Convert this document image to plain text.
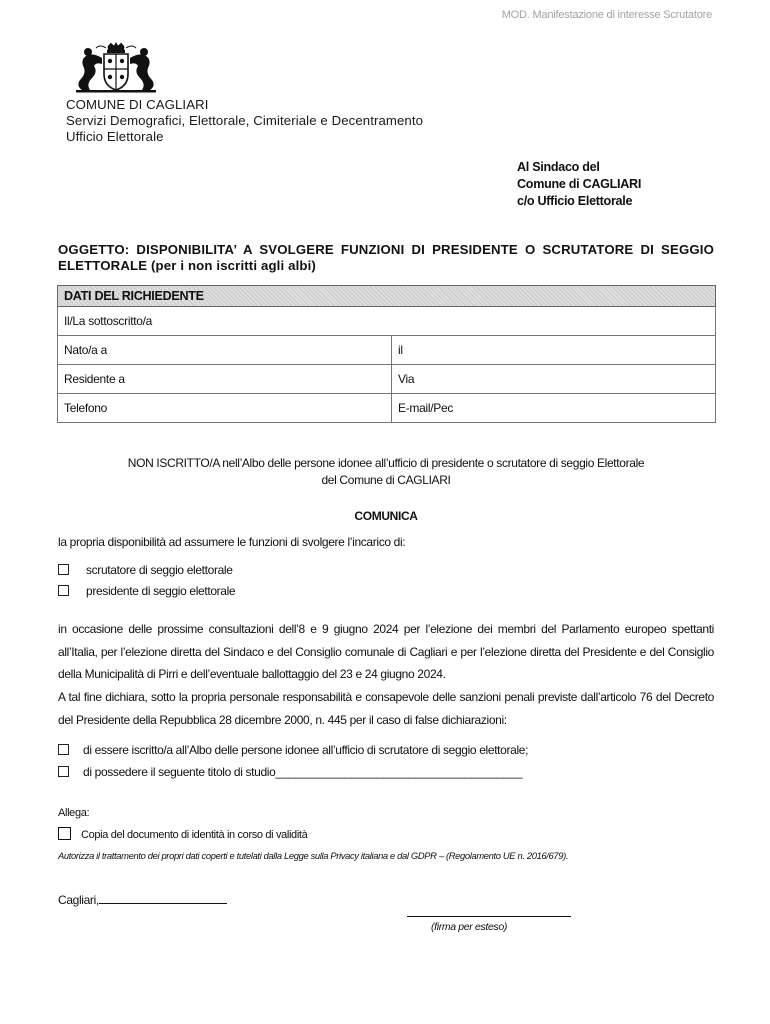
MOD. Manifestazione di interesse Scrutatore
COMUNE DI CAGLIARI
Servizi Demografici, Elettorale, Cimiteriale e Decentramento
Ufficio Elettorale
Al Sindaco del
Comune di CAGLIARI
c/o Ufficio Elettorale
OGGETTO: DISPONIBILITA’ A SVOLGERE FUNZIONI DI PRESIDENTE O SCRUTATORE DI SEGGIO ELETTORALE (per i non iscritti agli albi)
DATI DEL RICHIEDENTE	
Il/La sottoscritto/a	
Nato/a a	il
Residente a	Via
Telefono	E-mail/Pec
NON ISCRITTO/A nell’Albo delle persone idonee all’ufficio di presidente o scrutatore di seggio Elettorale
del Comune di CAGLIARI
COMUNICA
la propria disponibilità ad assumere le funzioni di svolgere l’incarico di:
scrutatore di seggio elettorale
presidente di seggio elettorale
in occasione delle prossime consultazioni dell’8 e 9 giugno 2024 per l’elezione dei membri del Parlamento europeo spettanti all’Italia, per l’elezione diretta del Sindaco e del Consiglio comunale di Cagliari e per l’elezione diretta del Presidente e del Consiglio della Municipalità di Pirri e dell’eventuale ballottaggio del 23 e 24 giugno 2024.
A tal fine dichiara, sotto la propria personale responsabilità e consapevole delle sanzioni penali previste dall’articolo 76 del Decreto del Presidente della Repubblica 28 dicembre 2000, n. 445 per il caso di false dichiarazioni:
di essere iscritto/a all’Albo delle persone idonee all’ufficio di scrutatore di seggio elettorale;
di possedere il seguente titolo di studio_______________________________________
Allega:
Copia del documento di identità in corso di validità
Autorizza il trattamento dei propri dati coperti e tutelati dalla Legge sulla Privacy italiana e dal GDPR – (Regolamento UE n. 2016/679).
Cagliari,
(firma per esteso)
